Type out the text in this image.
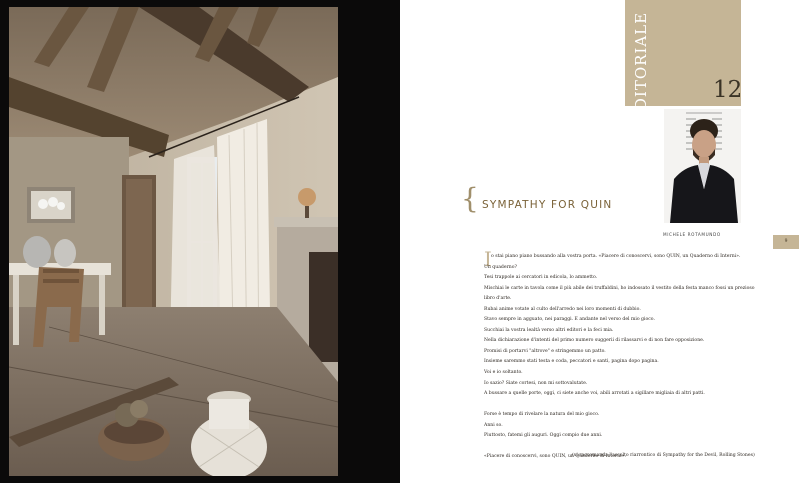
EDITORIALE	12
MICHELE ROTAMUNDO
{ SYMPATHY FOR QUIN
9
I o stai piano piano bussando alla vostra porta. «Piacere di conoscervi, sono QUIN, un Quaderno di Interni».
Un quaderno?
Tesi trappole ai cercatori in edicola, lo ammetto.
Mischiai le carte in tavola come il più abile dei truffaldini, ho indossato il vestito della festa manco fossi un prezioso
libro d'arte.
Rubai anime votate al culto dell'arredo nei loro momenti di dubbio.
Stavo sempre in agguato, nei paraggi. E andante nel verso del mio gioco.
Succhiai la vostra lealtà verso altri editori e la feci mia.
Nella dichiarazione d'intenti del primo numero suggerii di rilassarvi e di non fare opposizione.
Promisi di portarvi "altrove" e stringemmo un patto.
Insieme saremmo stati testa e coda, peccatori e santi, pagina dopo pagina.
Voi e io soltanto.
Io sazio? Siate cortesi, non mi sottovalutate.
A bussare a quelle porte, oggi, ci siete anche voi, abili arrotati a sigillare migliaia di altri patti.
Forse è tempo di rivelare la natura del mio gioco.
Anni so.
Piuttosto, fatemi gli auguri. Oggi compio due anni.
«Piacere di conoscervi, sono QUIN, un Quaderno di Interni».
(vi raccomanda l'ascolto riarrontico di Sympathy for the Devil, Rolling Stones)
